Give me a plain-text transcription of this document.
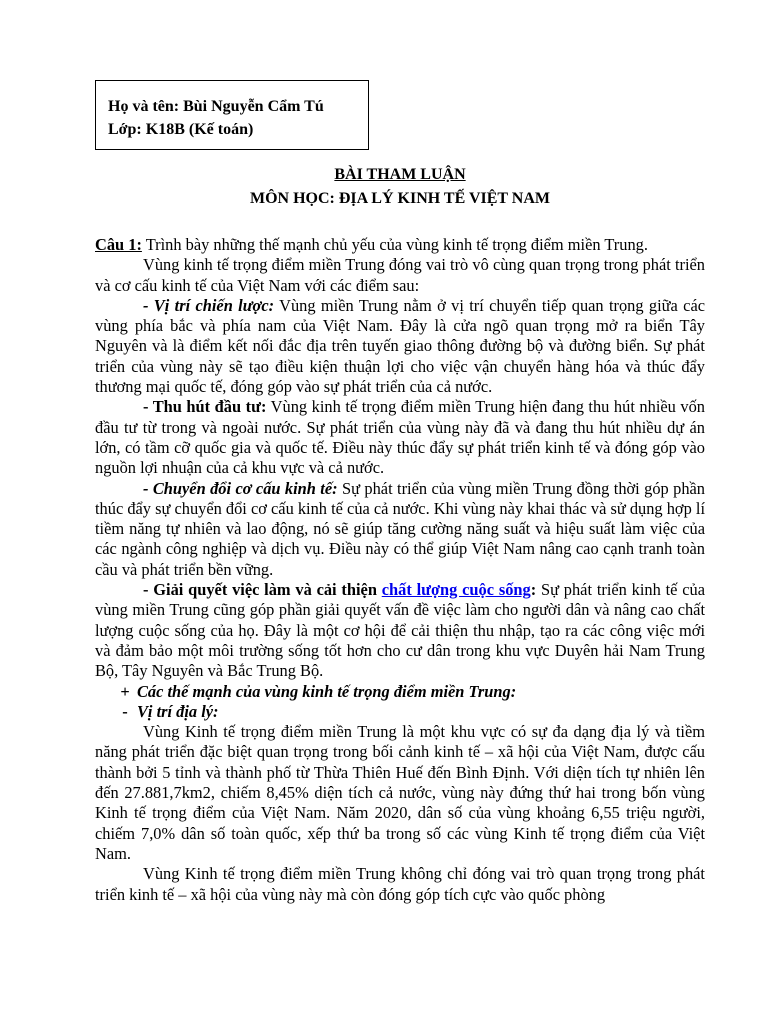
Họ và tên: Bùi Nguyễn Cẩm Tú
Lớp: K18B (Kế toán)
BÀI THAM LUẬN
MÔN HỌC: ĐỊA LÝ KINH TẾ VIỆT NAM

Câu 1: Trình bày những thế mạnh chủ yếu của vùng kinh tế trọng điểm miền Trung.

Vùng kinh tế trọng điểm miền Trung đóng vai trò vô cùng quan trọng trong phát triển và cơ cấu kinh tế của Việt Nam với các điểm sau:

- Vị trí chiến lược: Vùng miền Trung nằm ở vị trí chuyển tiếp quan trọng giữa các vùng phía bắc và phía nam của Việt Nam. Đây là cửa ngõ quan trọng mở ra biển Tây Nguyên và là điểm kết nối đắc địa trên tuyến giao thông đường bộ và đường biển. Sự phát triển của vùng này sẽ tạo điều kiện thuận lợi cho việc vận chuyển hàng hóa và thúc đẩy thương mại quốc tế, đóng góp vào sự phát triển của cả nước.

- Thu hút đầu tư: Vùng kinh tế trọng điểm miền Trung hiện đang thu hút nhiều vốn đầu tư từ trong và ngoài nước. Sự phát triển của vùng này đã và đang thu hút nhiều dự án lớn, có tầm cỡ quốc gia và quốc tế. Điều này thúc đẩy sự phát triển kinh tế và đóng góp vào nguồn lợi nhuận của cả khu vực và cả nước.

- Chuyển đổi cơ cấu kinh tế: Sự phát triển của vùng miền Trung đồng thời góp phần thúc đẩy sự chuyển đổi cơ cấu kinh tế của cả nước. Khi vùng này khai thác và sử dụng hợp lí tiềm năng tự nhiên và lao động, nó sẽ giúp tăng cường năng suất và hiệu suất làm việc của các ngành công nghiệp và dịch vụ. Điều này có thể giúp Việt Nam nâng cao cạnh tranh toàn cầu và phát triển bền vững.

- Giải quyết việc làm và cải thiện chất lượng cuộc sống: Sự phát triển kinh tế của vùng miền Trung cũng góp phần giải quyết vấn đề việc làm cho người dân và nâng cao chất lượng cuộc sống của họ. Đây là một cơ hội để cải thiện thu nhập, tạo ra các công việc mới và đảm bảo một môi trường sống tốt hơn cho cư dân trong khu vực Duyên hải Nam Trung Bộ, Tây Nguyên và Bắc Trung Bộ.

+ Các thế mạnh của vùng kinh tế trọng điểm miền Trung:
- Vị trí địa lý:

Vùng Kinh tế trọng điểm miền Trung là một khu vực có sự đa dạng địa lý và tiềm năng phát triển đặc biệt quan trọng trong bối cảnh kinh tế – xã hội của Việt Nam, được cấu thành bởi 5 tỉnh và thành phố từ Thừa Thiên Huế đến Bình Định. Với diện tích tự nhiên lên đến 27.881,7km2, chiếm 8,45% diện tích cả nước, vùng này đứng thứ hai trong bốn vùng Kinh tế trọng điểm của Việt Nam. Năm 2020, dân số của vùng khoảng 6,55 triệu người, chiếm 7,0% dân số toàn quốc, xếp thứ ba trong số các vùng Kinh tế trọng điểm của Việt Nam.

Vùng Kinh tế trọng điểm miền Trung không chỉ đóng vai trò quan trọng trong phát triển kinh tế – xã hội của vùng này mà còn đóng góp tích cực vào quốc phòng
